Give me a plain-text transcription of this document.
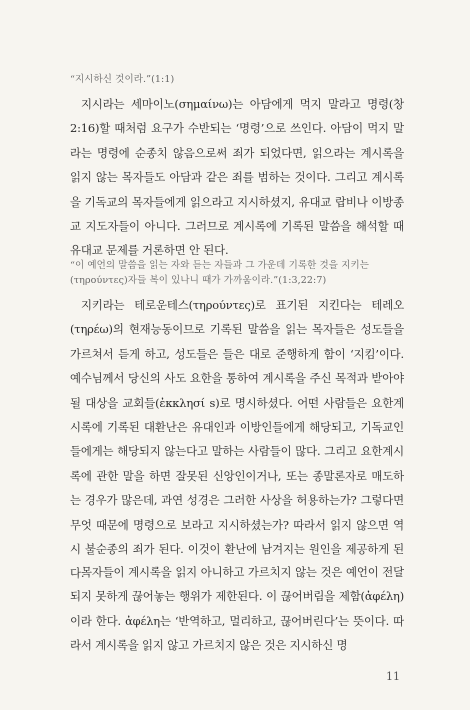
“지시하신 것이라.”(1:1)
지시라는 세마이노(σημαίνω)는 아담에게 먹지 말라고 명령(창 2:16)할 때처럼 요구가 수반되는 ‘명령’으로 쓰인다. 아담이 먹지 말라는 명령에 순종치 않음으로써 죄가 되었다면, 읽으라는 계시록을 읽지 않는 목자들도 아담과 같은 죄를 범하는 것이다. 그리고 계시록을 기독교의 목자들에게 읽으라고 지시하셨지, 유대교 랍비나 이방종교 지도자들이 아니다. 그러므로 계시록에 기록된 말씀을 해석할 때 유대교 문제를 거론하면 안 된다.
“이 예언의 말씀을 읽는 자와 듣는 자들과 그 가운데 기록한 것을 지키는 (τηρούντες)자들 복이 있나니 때가 가까움이라.”(1:3,22:7)
지키라는 테로운테스(τηρούντες)로 표기된 지킨다는 테레오(τηρέω)의 현재능동이므로 기록된 말씀을 읽는 목자들은 성도들을 가르쳐서 듣게 하고, 성도들은 들은 대로 준행하게 함이 ‘지킴’이다. 예수님께서 당신의 사도 요한을 통하여 계시록을 주신 목적과 받아야 될 대상을 교회들(ἐκκλησί s)로 명시하셨다. 어떤 사람들은 요한계시록에 기록된 대환난은 유대인과 이방인들에게 해당되고, 기독교인들에게는 해당되지 않는다고 말하는 사람들이 많다. 그리고 요한계시록에 관한 말을 하면 잘못된 신앙인이거나, 또는 종말론자로 매도하는 경우가 많은데, 과연 성경은 그러한 사상을 허용하는가? 그렇다면 무엇 때문에 명령으로 보라고 지시하셨는가? 따라서 읽지 않으면 역시 불순종의 죄가 된다. 이것이 환난에 남겨지는 원인을 제공하게 된다.
목자들이 계시록을 읽지 아니하고 가르치지 않는 것은 예언이 전달되지 못하게 끊어놓는 행위가 제한된다. 이 끊어버림을 제함(ἀφέλη)이라 한다. ἀφέλη는 ‘반역하고, 멀리하고, 끊어버린다’는 뜻이다. 따라서 계시록을 읽지 않고 가르치지 않은 것은 지시하신 명
11
